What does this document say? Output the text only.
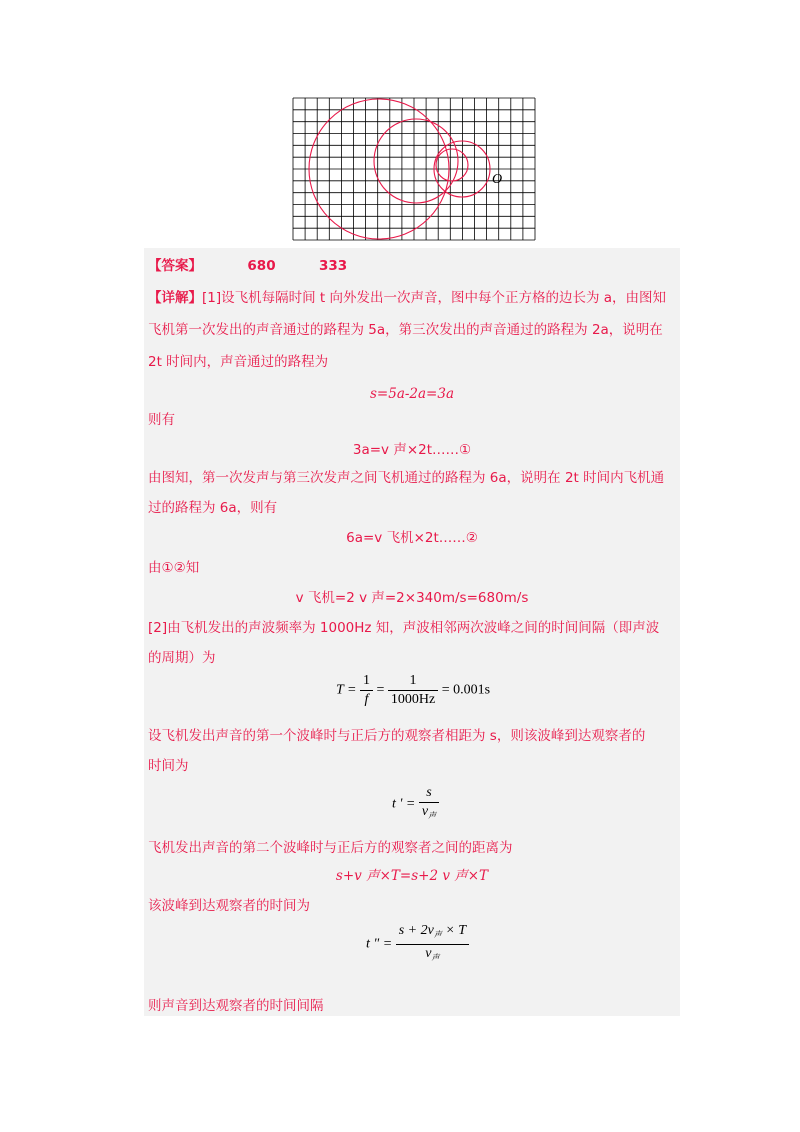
O
【答案】	680	333
【详解】[1]设飞机每隔时间 t 向外发出一次声音，图中每个正方格的边长为 a，由图知
飞机第一次发出的声音通过的路程为 5a，第三次发出的声音通过的路程为 2a，说明在
2t 时间内，声音通过的路程为
s=5a-2a=3a
则有
3a=v 声×2t……①
由图知，第一次发声与第三次发声之间飞机通过的路程为 6a，说明在 2t 时间内飞机通
过的路程为 6a，则有
6a=v 飞机×2t……②
由①②知
v 飞机=2 v 声=2×340m/s=680m/s
[2]由飞机发出的声波频率为 1000Hz 知，声波相邻两次波峰之间的时间间隔（即声波
的周期）为
$T = \frac{1}{f} = \frac{1}{1000Hz} = 0.001s$
设飞机发出声音的第一个波峰时与正后方的观察者相距为 s，则该波峰到达观察者的
时间为
t ' = $\frac{s}{v_声}$
飞机发出声音的第二个波峰时与正后方的观察者之间的距离为
s+v 声×T=s+2 v 声×T
该波峰到达观察者的时间为
t " = $\frac{s + 2v_声 \times T}{v_声}$
则声音到达观察者的时间间隔
